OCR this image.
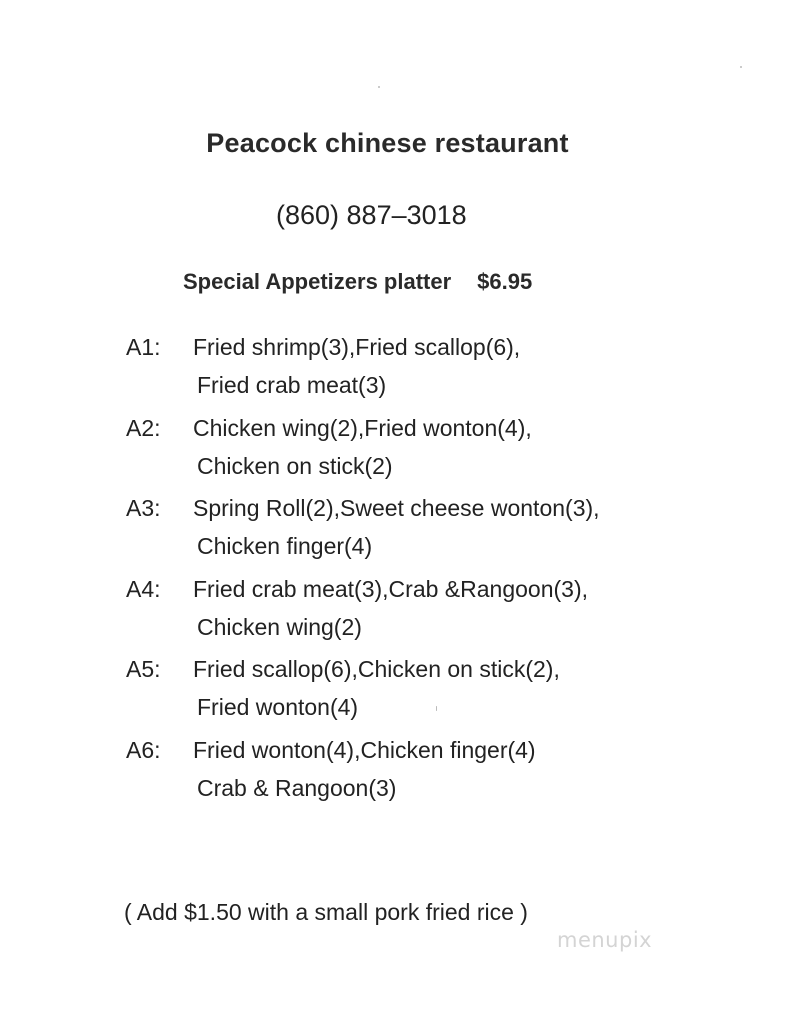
Peacock chinese restaurant
(860) 887–3018
Special Appetizers platter $6.95
A1: Fried shrimp(3),Fried scallop(6),
Fried crab meat(3)
A2: Chicken wing(2),Fried wonton(4),
Chicken on stick(2)
A3: Spring Roll(2),Sweet cheese wonton(3),
Chicken finger(4)
A4: Fried crab meat(3),Crab &Rangoon(3),
Chicken wing(2)
A5: Fried scallop(6),Chicken on stick(2),
Fried wonton(4)
A6: Fried wonton(4),Chicken finger(4)
Crab & Rangoon(3)
( Add $1.50 with a small pork fried rice )
menupix
